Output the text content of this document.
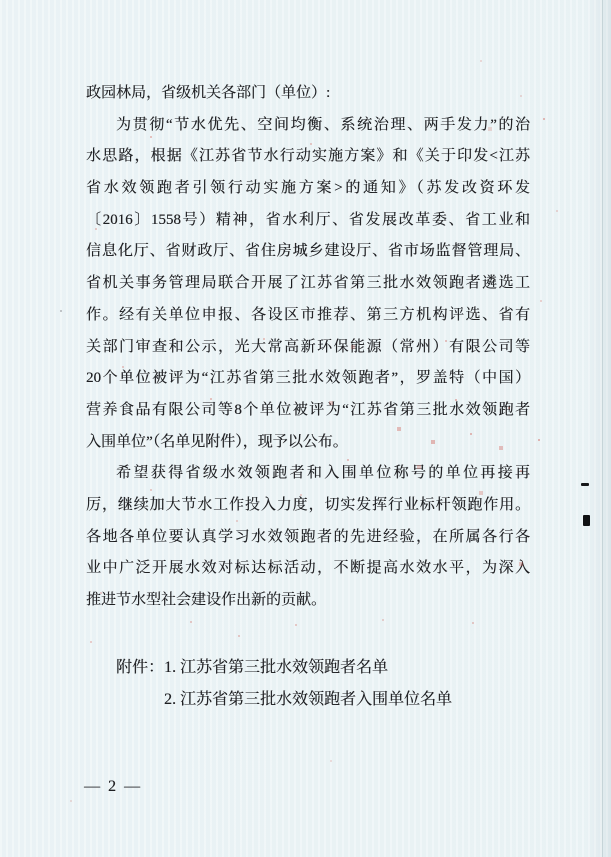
政园林局，省级机关各部门（单位）:
为贯彻“节水优先、空间均衡、系统治理、两手发力”的治
水思路，根据《江苏省节水行动实施方案》和《关于印发<江苏
省水效领跑者引领行动实施方案>的通知》（苏发改资环发
〔2016〕1558号）精神，省水利厅、省发展改革委、省工业和
信息化厅、省财政厅、省住房城乡建设厅、省市场监督管理局、
省机关事务管理局联合开展了江苏省第三批水效领跑者遴选工
作。经有关单位申报、各设区市推荐、第三方机构评选、省有
关部门审查和公示，光大常高新环保能源（常州）有限公司等
20个单位被评为“江苏省第三批水效领跑者”，罗盖特（中国）
营养食品有限公司等8个单位被评为“江苏省第三批水效领跑者
入围单位”（名单见附件），现予以公布。
希望获得省级水效领跑者和入围单位称号的单位再接再
厉，继续加大节水工作投入力度，切实发挥行业标杆领跑作用。
各地各单位要认真学习水效领跑者的先进经验，在所属各行各
业中广泛开展水效对标达标活动，不断提高水效水平，为深入
推进节水型社会建设作出新的贡献。
附件：1. 江苏省第三批水效领跑者名单
2. 江苏省第三批水效领跑者入围单位名单
— 2 —
